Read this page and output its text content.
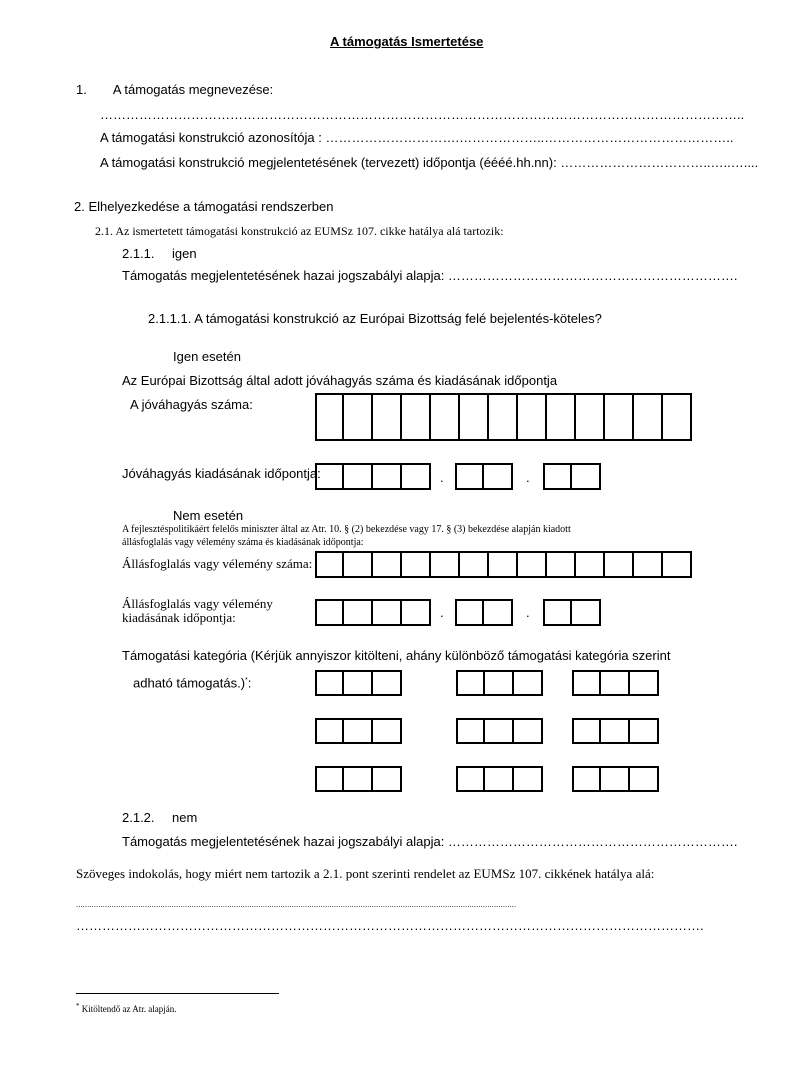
A támogatás Ismertetése
1.  A támogatás megnevezése:
…………………………………………………………………………………………………………………………………..
A támogatási konstrukció azonosítója : ………………………….………………..……………………………………..
A támogatási konstrukció megjelentetésének (tervezett) időpontja (éééé.hh.nn): ……………………………..…..…....
2. Elhelyezkedése a támogatási rendszerben
2.1. Az ismertetett támogatási konstrukció az EUMSz 107. cikke hatálya alá tartozik:
2.1.1. igen
Támogatás megjelentetésének hazai jogszabályi alapja: ………………………………………………………….
2.1.1.1. A támogatási konstrukció az Európai Bizottság felé bejelentés-köteles?
Igen esetén
Az Európai Bizottság által adott jóváhagyás száma és kiadásának időpontja
A jóváhagyás száma:
Jóváhagyás kiadásának időpontja:	.	.
Nem esetén
A fejlesztéspolitikáért felelős miniszter által az Atr. 10. § (2) bekezdése vagy 17. § (3) bekezdése alapján kiadott
állásfoglalás vagy vélemény száma és kiadásának időpontja:
Állásfoglalás vagy vélemény száma:
Állásfoglalás vagy vélemény
kiadásának időpontja:	.	.
Támogatási kategória (Kérjük annyiszor kitölteni, ahány különböző támogatási kategória szerint
adható támogatás.)*:
2.1.2. nem
Támogatás megjelentetésének hazai jogszabályi alapja: ………………………………………………………….
Szöveges indokolás, hogy miért nem tartozik a 2.1. pont szerinti rendelet az EUMSz 107. cikkének hatálya alá:
......................................................................................................................................................................................................
……………………………………………………………………………………………………………………………….
* Kitöltendő az Atr. alapján.
